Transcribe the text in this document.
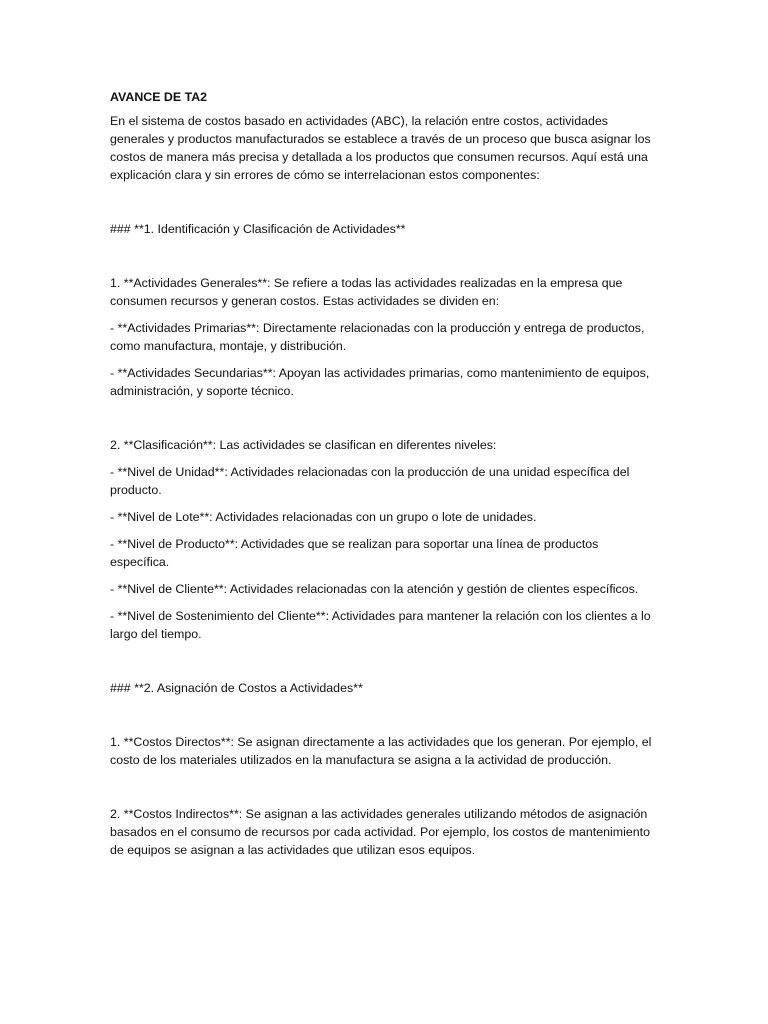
AVANCE DE TA2

En el sistema de costos basado en actividades (ABC), la relación entre costos, actividades generales y productos manufacturados se establece a través de un proceso que busca asignar los costos de manera más precisa y detallada a los productos que consumen recursos. Aquí está una explicación clara y sin errores de cómo se interrelacionan estos componentes:

### **1. Identificación y Clasificación de Actividades**

1. **Actividades Generales**: Se refiere a todas las actividades realizadas en la empresa que consumen recursos y generan costos. Estas actividades se dividen en:

- **Actividades Primarias**: Directamente relacionadas con la producción y entrega de productos, como manufactura, montaje, y distribución.

- **Actividades Secundarias**: Apoyan las actividades primarias, como mantenimiento de equipos, administración, y soporte técnico.

2. **Clasificación**: Las actividades se clasifican en diferentes niveles:

- **Nivel de Unidad**: Actividades relacionadas con la producción de una unidad específica del producto.

- **Nivel de Lote**: Actividades relacionadas con un grupo o lote de unidades.

- **Nivel de Producto**: Actividades que se realizan para soportar una línea de productos específica.

- **Nivel de Cliente**: Actividades relacionadas con la atención y gestión de clientes específicos.

- **Nivel de Sostenimiento del Cliente**: Actividades para mantener la relación con los clientes a lo largo del tiempo.

### **2. Asignación de Costos a Actividades**

1. **Costos Directos**: Se asignan directamente a las actividades que los generan. Por ejemplo, el costo de los materiales utilizados en la manufactura se asigna a la actividad de producción.

2. **Costos Indirectos**: Se asignan a las actividades generales utilizando métodos de asignación basados en el consumo de recursos por cada actividad. Por ejemplo, los costos de mantenimiento de equipos se asignan a las actividades que utilizan esos equipos.
